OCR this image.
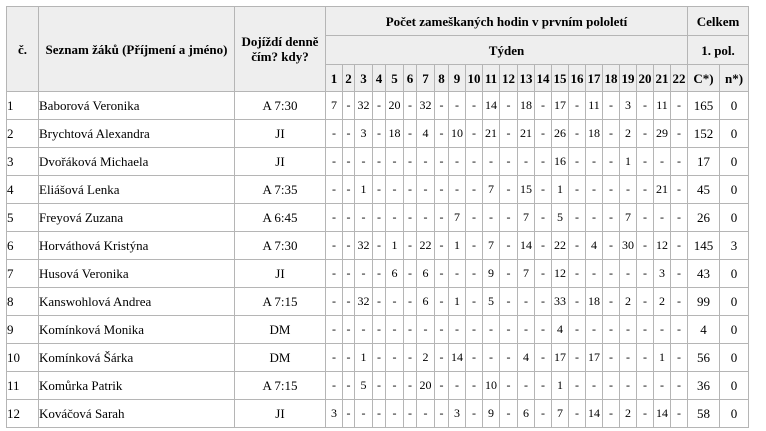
č.	Seznam žáků (Příjmení a jméno)	Dojíždí denně čím? kdy?	Počet zameškaných hodin v prvním pololetí																						Celkem	
			Týden																						1. pol.	
			1	2	3	4	5	6	7	8	9	10	11	12	13	14	15	16	17	18	19	20	21	22	C*)	n*)
1	Baborová Veronika	A 7:30	7	-	32	-	20	-	32	-	-	-	14	-	18	-	17	-	11	-	3	-	11	-	165	0
2	Brychtová Alexandra	JI	-	-	3	-	18	-	4	-	10	-	21	-	21	-	26	-	18	-	2	-	29	-	152	0
3	Dvořáková Michaela	JI	-	-	-	-	-	-	-	-	-	-	-	-	-	-	16	-	-	-	1	-	-	-	17	0
4	Eliášová Lenka	A 7:35	-	-	1	-	-	-	-	-	-	-	7	-	15	-	1	-	-	-	-	-	21	-	45	0
5	Freyová Zuzana	A 6:45	-	-	-	-	-	-	-	-	7	-	-	-	7	-	5	-	-	-	7	-	-	-	26	0
6	Horváthová Kristýna	A 7:30	-	-	32	-	1	-	22	-	1	-	7	-	14	-	22	-	4	-	30	-	12	-	145	3
7	Husová Veronika	JI	-	-	-	-	6	-	6	-	-	-	9	-	7	-	12	-	-	-	-	-	3	-	43	0
8	Kanswohlová Andrea	A 7:15	-	-	32	-	-	-	6	-	1	-	5	-	-	-	33	-	18	-	2	-	2	-	99	0
9	Komínková Monika	DM	-	-	-	-	-	-	-	-	-	-	-	-	-	-	4	-	-	-	-	-	-	-	4	0
10	Komínková Šárka	DM	-	-	1	-	-	-	2	-	14	-	-	-	4	-	17	-	17	-	-	-	1	-	56	0
11	Komůrka Patrik	A 7:15	-	-	5	-	-	-	20	-	-	-	10	-	-	-	1	-	-	-	-	-	-	-	36	0
12	Kováčová Sarah	JI	3	-	-	-	-	-	-	-	3	-	9	-	6	-	7	-	14	-	2	-	14	-	58	0
